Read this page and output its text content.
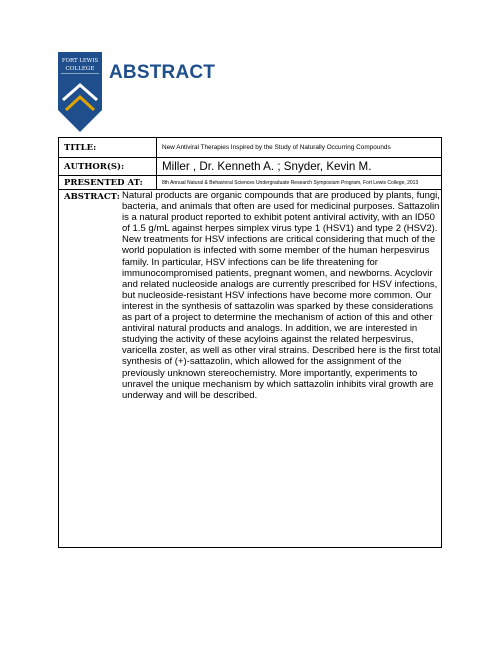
FORT LEWIS
COLLEGE ABSTRACT
TITLE:	New Antiviral Therapies Inspired by the Study of Naturally Occurring Compounds
AUTHOR(S):	Miller , Dr. Kenneth A. ; Snyder, Kevin M.
PRESENTED AT:	8th Annual Natural & Behavioral Sciences Undergraduate Research Symposium Program, Fort Lewis College, 2013
ABSTRACT: Natural products are organic compounds that are produced by plants, fungi, bacteria, and animals that often are used for medicinal purposes. Sattazolin is a natural product reported to exhibit potent antiviral activity, with an ID50 of 1.5 g/mL against herpes simplex virus type 1 (HSV1) and type 2 (HSV2). New treatments for HSV infections are critical considering that much of the world population is infected with some member of the human herpesvirus family. In particular, HSV infections can be life threatening for immunocompromised patients, pregnant women, and newborns. Acyclovir and related nucleoside analogs are currently prescribed for HSV infections, but nucleoside-resistant HSV infections have become more common. Our interest in the synthesis of sattazolin was sparked by these considerations as part of a project to determine the mechanism of action of this and other antiviral natural products and analogs. In addition, we are interested in studying the activity of these acyloins against the related herpesvirus, varicella zoster, as well as other viral strains. Described here is the first total synthesis of (+)-sattazolin, which allowed for the assignment of the previously unknown stereochemistry. More importantly, experiments to unravel the unique mechanism by which sattazolin inhibits viral growth are underway and will be described.
